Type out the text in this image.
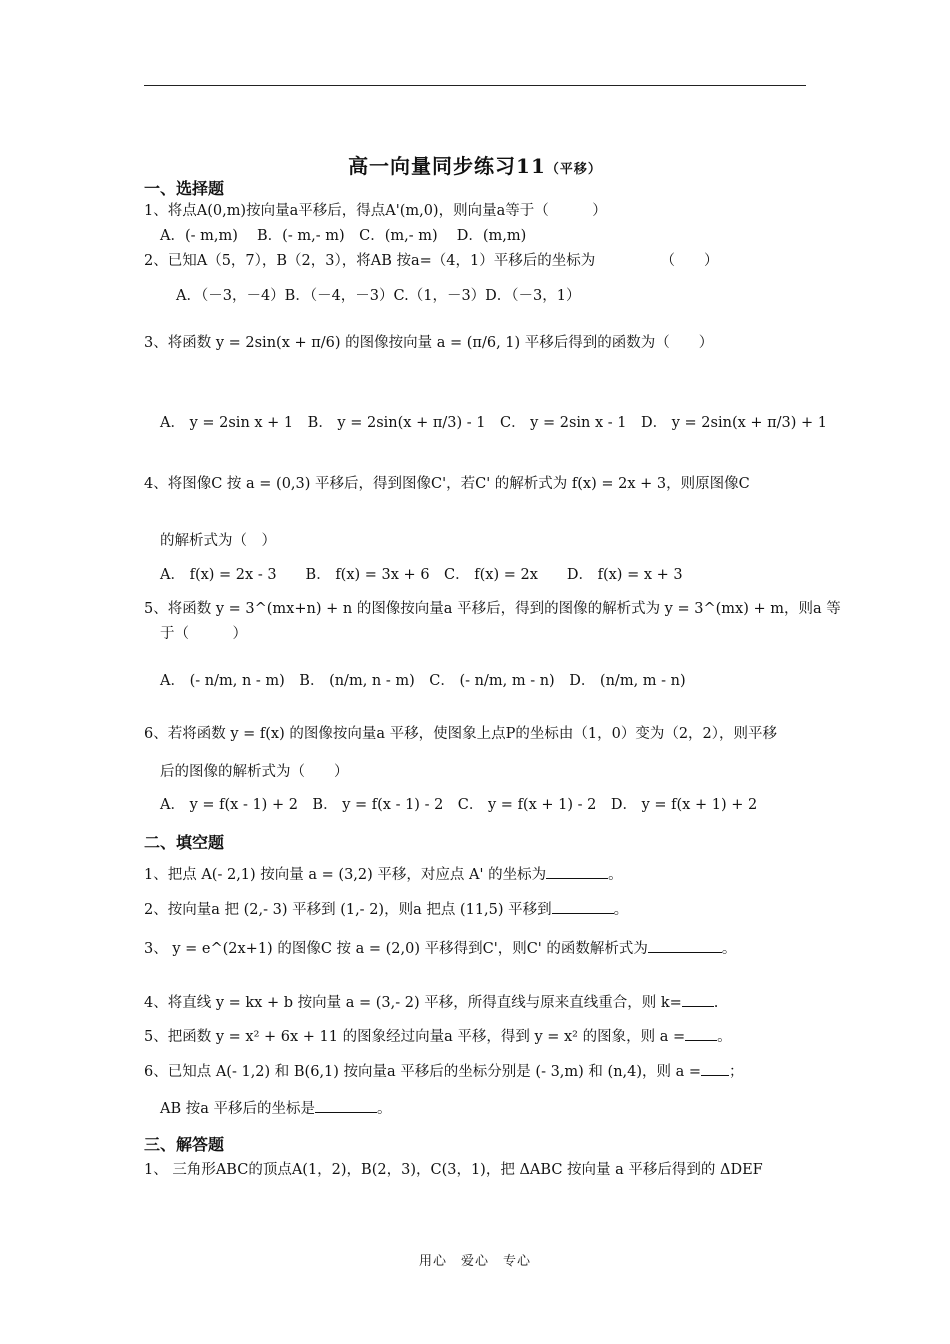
高一向量同步练习11（平移）
一、选择题
1、将点A(0,m)按向量a平移后，得点A'(m,0)，则向量a等于（　　　）
A．(- m,m)　 B．(- m,- m)　C．(m,- m)　 D．(m,m)
2、已知A（5，7），B（2，3），将AB 按a=（4，1）平移后的坐标为　　　　　（　　）
A．（－3，－4）B．（－4，－3）C.（1，－3）D．（－3，1）
3、将函数 y = 2sin(x + π/6) 的图像按向量 a = (π/6, 1) 平移后得到的函数为（　　）
A． y = 2sin x + 1　B． y = 2sin(x + π/3) - 1　C． y = 2sin x - 1　D． y = 2sin(x + π/3) + 1
4、将图像C 按 a = (0,3) 平移后，得到图像C'，若C' 的解析式为 f(x) = 2x + 3，则原图像C
的解析式为（　）
A． f(x) = 2x - 3　　B． f(x) = 3x + 6　C． f(x) = 2x　　D． f(x) = x + 3
5、将函数 y = 3^(mx+n) + n 的图像按向量a 平移后，得到的图像的解析式为 y = 3^(mx) + m，则a 等
于（　　　）
A． (- n/m, n - m)　B． (n/m, n - m)　C． (- n/m, m - n)　D． (n/m, m - n)
6、若将函数 y = f(x) 的图像按向量a 平移，使图象上点P的坐标由（1，0）变为（2，2），则平移
后的图像的解析式为（　　）
A． y = f(x - 1) + 2　B． y = f(x - 1) - 2　C． y = f(x + 1) - 2　D． y = f(x + 1) + 2
二、填空题
1、把点 A(- 2,1) 按向量 a = (3,2) 平移，对应点 A' 的坐标为	。
2、按向量a 把 (2,- 3) 平移到 (1,- 2)，则a 把点 (11,5) 平移到	。
3、 y = e^(2x+1) 的图像C 按 a = (2,0) 平移得到C'，则C' 的函数解析式为	。
4、将直线 y = kx + b 按向量 a = (3,- 2) 平移，所得直线与原来直线重合，则 k= .
5、把函数 y = x² + 6x + 11 的图象经过向量a 平移，得到 y = x² 的图象，则 a = 。
6、已知点 A(- 1,2) 和 B(6,1) 按向量a 平移后的坐标分别是 (- 3,m) 和 (n,4)，则 a = ；
AB 按a 平移后的坐标是	。
三、解答题
1、 三角形ABC的顶点A(1，2)，B(2，3)，C(3，1)，把 ΔABC 按向量 a 平移后得到的 ΔDEF
用心　爱心　专心
